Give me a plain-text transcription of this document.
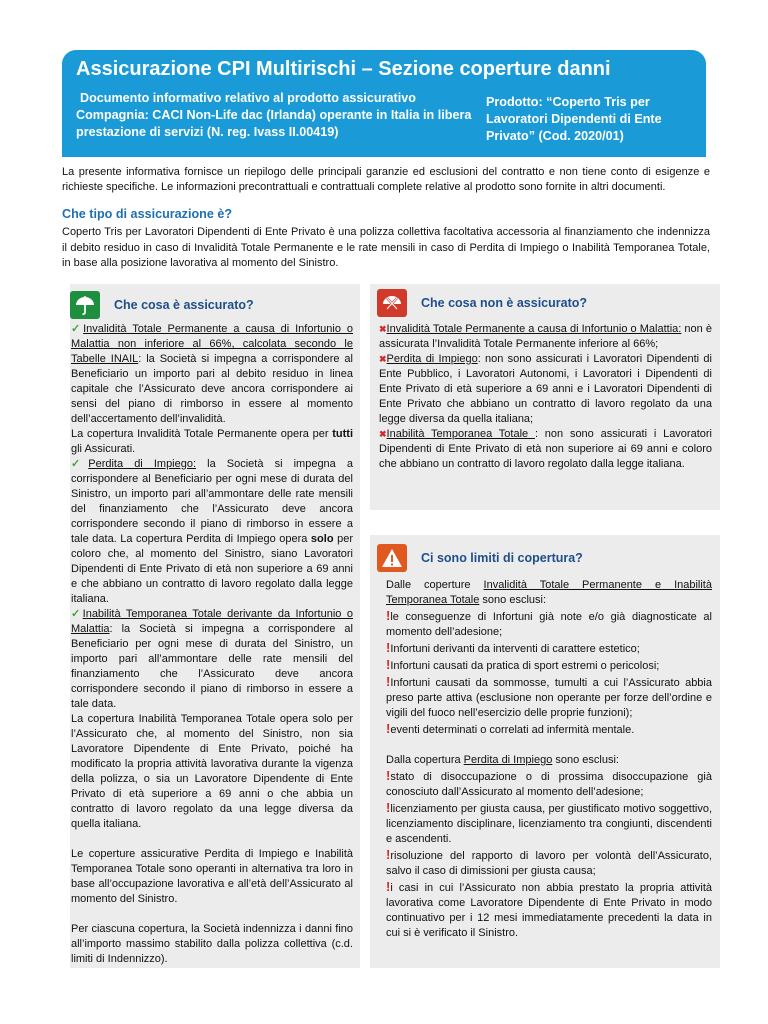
Assicurazione CPI Multirischi – Sezione coperture danni
Documento informativo relativo al prodotto assicurativo
Compagnia: CACI Non-Life dac (Irlanda) operante in Italia in libera prestazione di servizi (N. reg. Ivass II.00419)
Prodotto: “Coperto Tris per Lavoratori Dipendenti di Ente Privato” (Cod. 2020/01)
La presente informativa fornisce un riepilogo delle principali garanzie ed esclusioni del contratto e non tiene conto di esigenze e richieste specifiche. Le informazioni precontrattuali e contrattuali complete relative al prodotto sono fornite in altri documenti.
Che tipo di assicurazione è?
Coperto Tris per Lavoratori Dipendenti di Ente Privato è una polizza collettiva facoltativa accessoria al finanziamento che indennizza il debito residuo in caso di Invalidità Totale Permanente e le rate mensili in caso di Perdita di Impiego o Inabilità Temporanea Totale, in base alla posizione lavorativa al momento del Sinistro.
Che cosa è assicurato?

✓Invalidità Totale Permanente a causa di Infortunio o Malattia non inferiore al 66%, calcolata secondo le Tabelle INAIL: la Società si impegna a corrispondere al Beneficiario un importo pari al debito residuo in linea capitale che l’Assicurato deve ancora corrispondere ai sensi del piano di rimborso in essere al momento dell’accertamento dell’invalidità.

La copertura Invalidità Totale Permanente opera per tutti gli Assicurati.

✓Perdita di Impiego: la Società si impegna a corrispondere al Beneficiario per ogni mese di durata del Sinistro, un importo pari all’ammontare delle rate mensili del finanziamento che l’Assicurato deve ancora corrispondere secondo il piano di rimborso in essere a tale data. La copertura Perdita di Impiego opera solo per coloro che, al momento del Sinistro, siano Lavoratori Dipendenti di Ente Privato di età non superiore a 69 anni e che abbiano un contratto di lavoro regolato dalla legge italiana.

✓Inabilità Temporanea Totale derivante da Infortunio o Malattia: la Società si impegna a corrispondere al Beneficiario per ogni mese di durata del Sinistro, un importo pari all’ammontare delle rate mensili del finanziamento che l’Assicurato deve ancora corrispondere secondo il piano di rimborso in essere a tale data.

La copertura Inabilità Temporanea Totale opera solo per l’Assicurato che, al momento del Sinistro, non sia Lavoratore Dipendente di Ente Privato, poiché ha modificato la propria attività lavorativa durante la vigenza della polizza, o sia un Lavoratore Dipendente di Ente Privato di età superiore a 69 anni o che abbia un contratto di lavoro regolato da una legge diversa da quella italiana.

Le coperture assicurative Perdita di Impiego e Inabilità Temporanea Totale sono operanti in alternativa tra loro in base all’occupazione lavorativa e all’età dell’Assicurato al momento del Sinistro.

Per ciascuna copertura, la Società indennizza i danni fino all’importo massimo stabilito dalla polizza collettiva (c.d. limiti di Indennizzo).

Che cosa non è assicurato?

✖Invalidità Totale Permanente a causa di Infortunio o Malattia: non è assicurata l’Invalidità Totale Permanente inferiore al 66%;

✖Perdita di Impiego: non sono assicurati i Lavoratori Dipendenti di Ente Pubblico, i Lavoratori Autonomi, i Lavoratori i Dipendenti di Ente Privato di età superiore a 69 anni e i Lavoratori Dipendenti di Ente Privato che abbiano un contratto di lavoro regolato da una legge diversa da quella italiana;

✖Inabilità Temporanea Totale : non sono assicurati i Lavoratori Dipendenti di Ente Privato di età non superiore ai 69 anni e coloro che abbiano un contratto di lavoro regolato dalla legge italiana.

Ci sono limiti di copertura?

Dalle coperture Invalidità Totale Permanente e Inabilità Temporanea Totale sono esclusi:

!le conseguenze di Infortuni già note e/o già diagnosticate al momento dell’adesione;

!Infortuni derivanti da interventi di carattere estetico;

!Infortuni causati da pratica di sport estremi o pericolosi;

!Infortuni causati da sommosse, tumulti a cui l’Assicurato abbia preso parte attiva (esclusione non operante per forze dell’ordine e vigili del fuoco nell’esercizio delle proprie funzioni);

!eventi determinati o correlati ad infermità mentale.

Dalla copertura Perdita di Impiego sono esclusi:

!stato di disoccupazione o di prossima disoccupazione già conosciuto dall’Assicurato al momento dell’adesione;

!licenziamento per giusta causa, per giustificato motivo soggettivo, licenziamento disciplinare, licenziamento tra congiunti, discendenti e ascendenti.

!risoluzione del rapporto di lavoro per volontà dell’Assicurato, salvo il caso di dimissioni per giusta causa;

!i casi in cui l’Assicurato non abbia prestato la propria attività lavorativa come Lavoratore Dipendente di Ente Privato in modo continuativo per i 12 mesi immediatamente precedenti la data in cui si è verificato il Sinistro.
